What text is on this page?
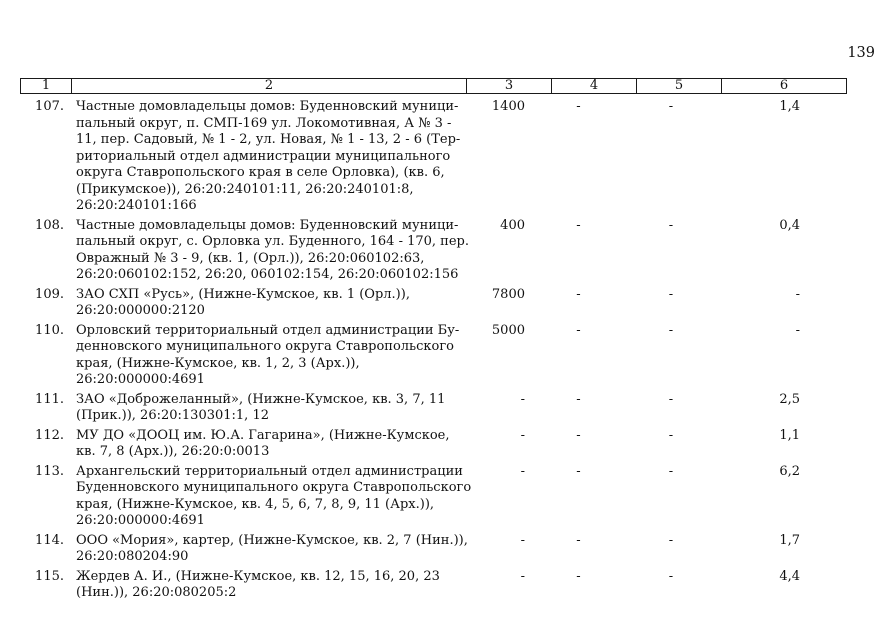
139
1	2	3	4	5	6
107. Частные домовладельцы домов: Буденновский муници-
пальный округ, п. СМП-169 ул. Локомотивная, А № 3 -
11, пер. Садовый, № 1 - 2, ул. Новая, № 1 - 13, 2 - 6 (Тер-
риториальный отдел администрации муниципального
округа Ставропольского края в селе Орловка), (кв. 6,
(Прикумское)), 26:20:240101:11, 26:20:240101:8,
26:20:240101:166
1400	-	-	1,4
108. Частные домовладельцы домов: Буденновский муници-
пальный округ, с. Орловка ул. Буденного, 164 - 170, пер.
Овражный № 3 - 9, (кв. 1, (Орл.)), 26:20:060102:63,
26:20:060102:152, 26:20, 060102:154, 26:20:060102:156
400	-	-	0,4
109. ЗАО СХП «Русь», (Нижне-Кумское, кв. 1 (Орл.)),
26:20:000000:2120
7800	-	-	-
110. Орловский территориальный отдел администрации Бу-
денновского муниципального округа Ставропольского
края, (Нижне-Кумское, кв. 1, 2, 3 (Арх.)),
26:20:000000:4691
5000	-	-	-
111. ЗАО «Доброжеланный», (Нижне-Кумское, кв. 3, 7, 11
(Прик.)), 26:20:130301:1, 12
-	-	-	2,5
112. МУ ДО «ДООЦ им. Ю.А. Гагарина», (Нижне-Кумское,
кв. 7, 8 (Арх.)), 26:20:0:0013
-	-	-	1,1
113. Архангельский территориальный отдел администрации
Буденновского муниципального округа Ставропольского
края, (Нижне-Кумское, кв. 4, 5, 6, 7, 8, 9, 11 (Арх.)),
26:20:000000:4691
-	-	-	6,2
114. ООО «Мория», картер, (Нижне-Кумское, кв. 2, 7 (Нин.)),
26:20:080204:90
-	-	-	1,7
115. Жердев А. И., (Нижне-Кумское, кв. 12, 15, 16, 20, 23
(Нин.)), 26:20:080205:2
-	-	-	4,4
